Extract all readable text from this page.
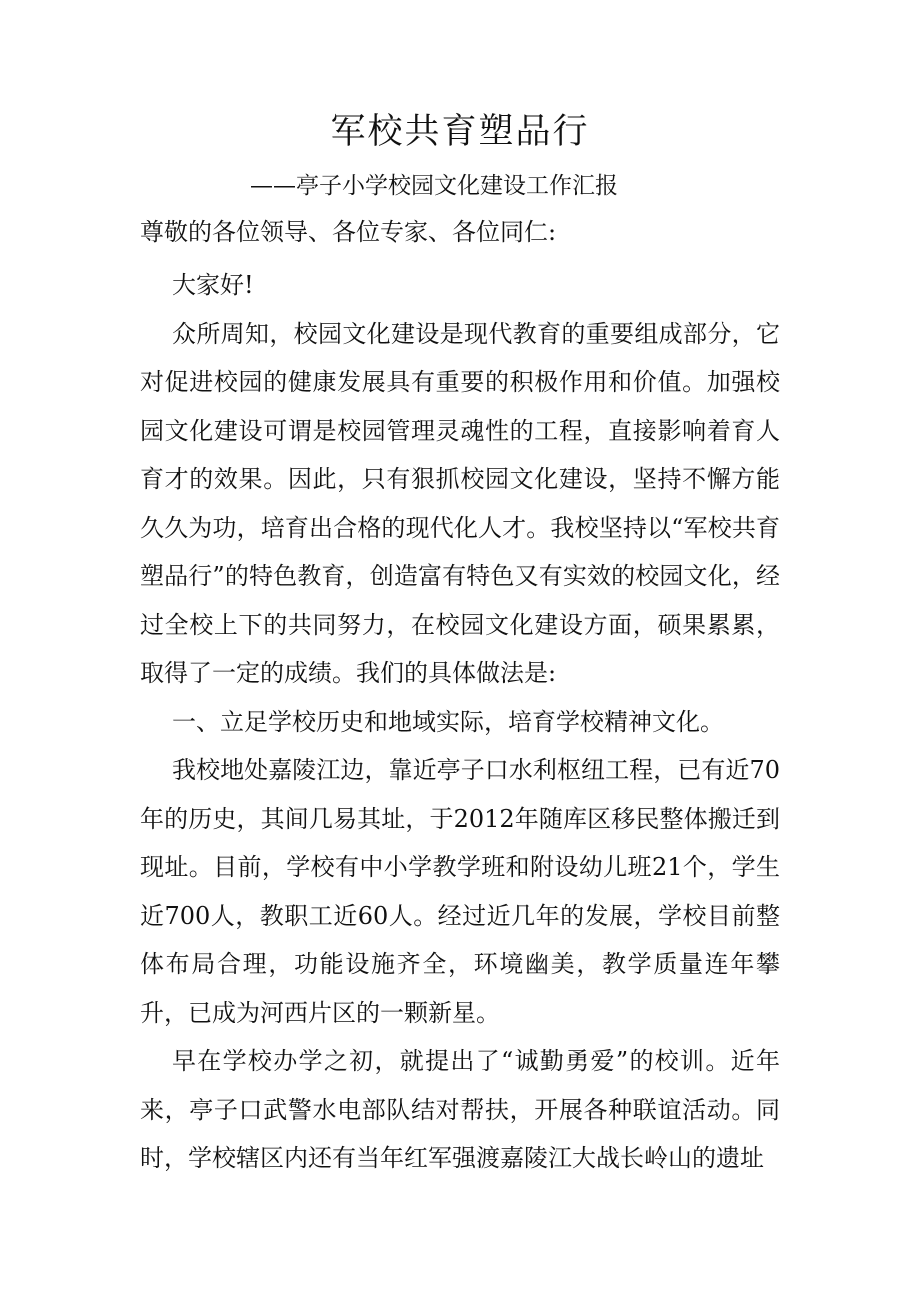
军校共育塑品行
——亭子小学校园文化建设工作汇报
尊敬的各位领导、各位专家、各位同仁:

大家好!

众所周知，校园文化建设是现代教育的重要组成部分，它对促进校园的健康发展具有重要的积极作用和价值。加强校园文化建设可谓是校园管理灵魂性的工程，直接影响着育人育才的效果。因此，只有狠抓校园文化建设，坚持不懈方能久久为功，培育出合格的现代化人才。我校坚持以“军校共育塑品行”的特色教育，创造富有特色又有实效的校园文化，经过全校上下的共同努力，在校园文化建设方面，硕果累累，取得了一定的成绩。我们的具体做法是:

一、立足学校历史和地域实际，培育学校精神文化。

我校地处嘉陵江边，靠近亭子口水利枢纽工程，已有近70年的历史，其间几易其址，于2012年随库区移民整体搬迁到现址。目前，学校有中小学教学班和附设幼儿班21个，学生近700人，教职工近60人。经过近几年的发展，学校目前整体布局合理，功能设施齐全，环境幽美，教学质量连年攀升，已成为河西片区的一颗新星。

早在学校办学之初，就提出了“诚勤勇爱”的校训。近年来，亭子口武警水电部队结对帮扶，开展各种联谊活动。同时，学校辖区内还有当年红军强渡嘉陵江大战长岭山的遗址
